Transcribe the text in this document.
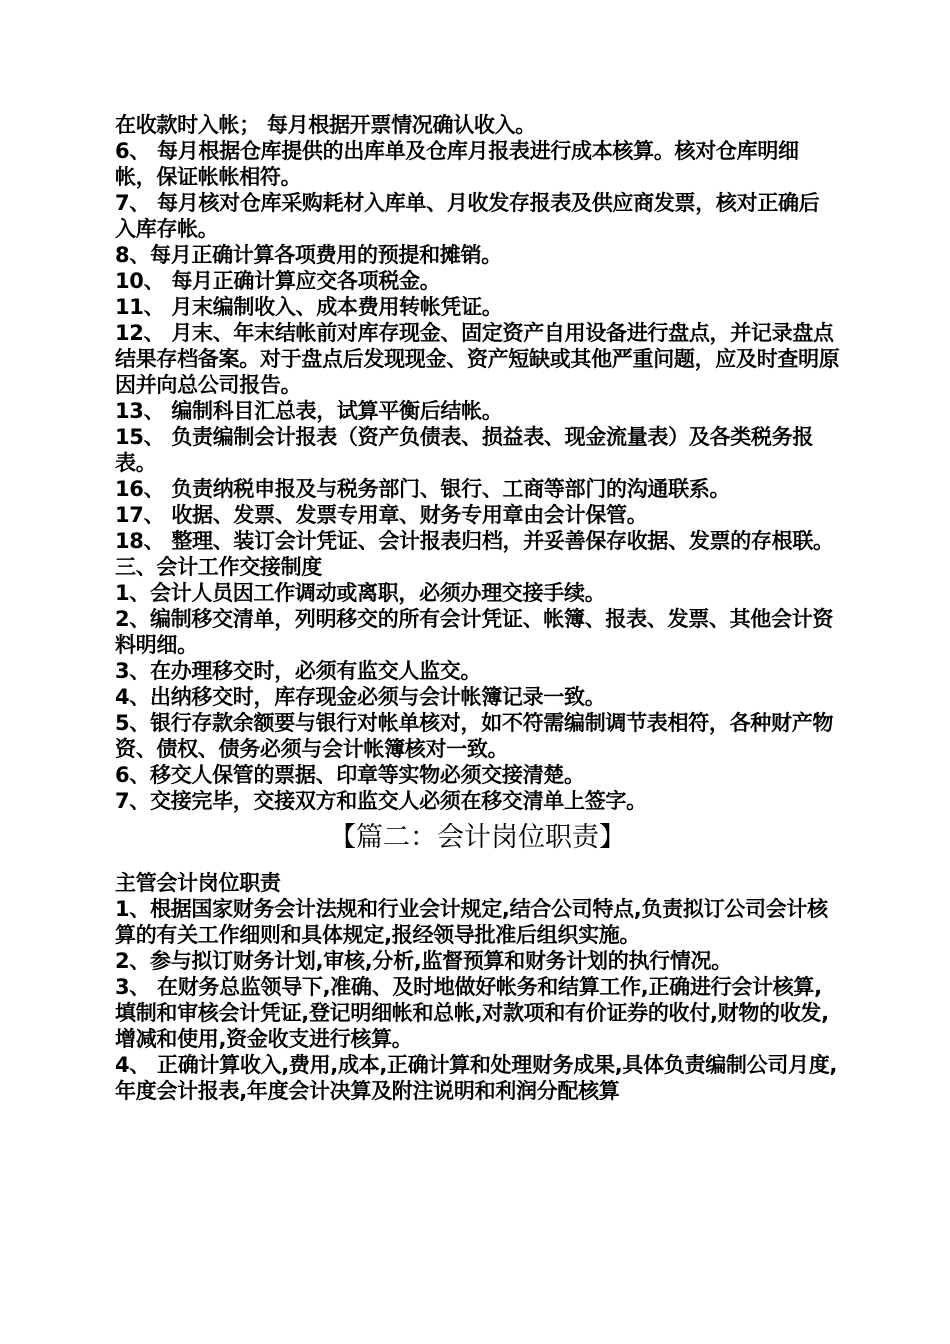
在收款时入帐； 每月根据开票情况确认收入。

6、 每月根据仓库提供的出库单及仓库月报表进行成本核算。核对仓库明细帐，保证帐帐相符。

7、 每月核对仓库采购耗材入库单、月收发存报表及供应商发票，核对正确后入库存帐。

8、每月正确计算各项费用的预提和摊销。

10、 每月正确计算应交各项税金。

11、 月末编制收入、成本费用转帐凭证。

12、 月末、年末结帐前对库存现金、固定资产自用设备进行盘点，并记录盘点结果存档备案。对于盘点后发现现金、资产短缺或其他严重问题，应及时查明原因并向总公司报告。

13、 编制科目汇总表，试算平衡后结帐。

15、 负责编制会计报表（资产负债表、损益表、现金流量表）及各类税务报表。

16、 负责纳税申报及与税务部门、银行、工商等部门的沟通联系。

17、 收据、发票、发票专用章、财务专用章由会计保管。

18、 整理、装订会计凭证、会计报表归档，并妥善保存收据、发票的存根联。

三、会计工作交接制度

1、会计人员因工作调动或离职，必须办理交接手续。

2、编制移交清单，列明移交的所有会计凭证、帐簿、报表、发票、其他会计资料明细。

3、在办理移交时，必须有监交人监交。

4、出纳移交时，库存现金必须与会计帐簿记录一致。

5、银行存款余额要与银行对帐单核对，如不符需编制调节表相符，各种财产物

资、债权、债务必须与会计帐簿核对一致。

6、移交人保管的票据、印章等实物必须交接清楚。

7、交接完毕，交接双方和监交人必须在移交清单上签字。

【篇二：会计岗位职责】

主管会计岗位职责

1、根据国家财务会计法规和行业会计规定,结合公司特点,负责拟订公司会计核算的有关工作细则和具体规定,报经领导批准后组织实施。

2、参与拟订财务计划,审核,分析,监督预算和财务计划的执行情况。

3、 在财务总监领导下,准确、及时地做好帐务和结算工作,正确进行会计核算,填制和审核会计凭证,登记明细帐和总帐,对款项和有价证券的收付,财物的收发,增减和使用,资金收支进行核算。

4、 正确计算收入,费用,成本,正确计算和处理财务成果,具体负责编制公司月度,年度会计报表,年度会计决算及附注说明和利润分配核算
